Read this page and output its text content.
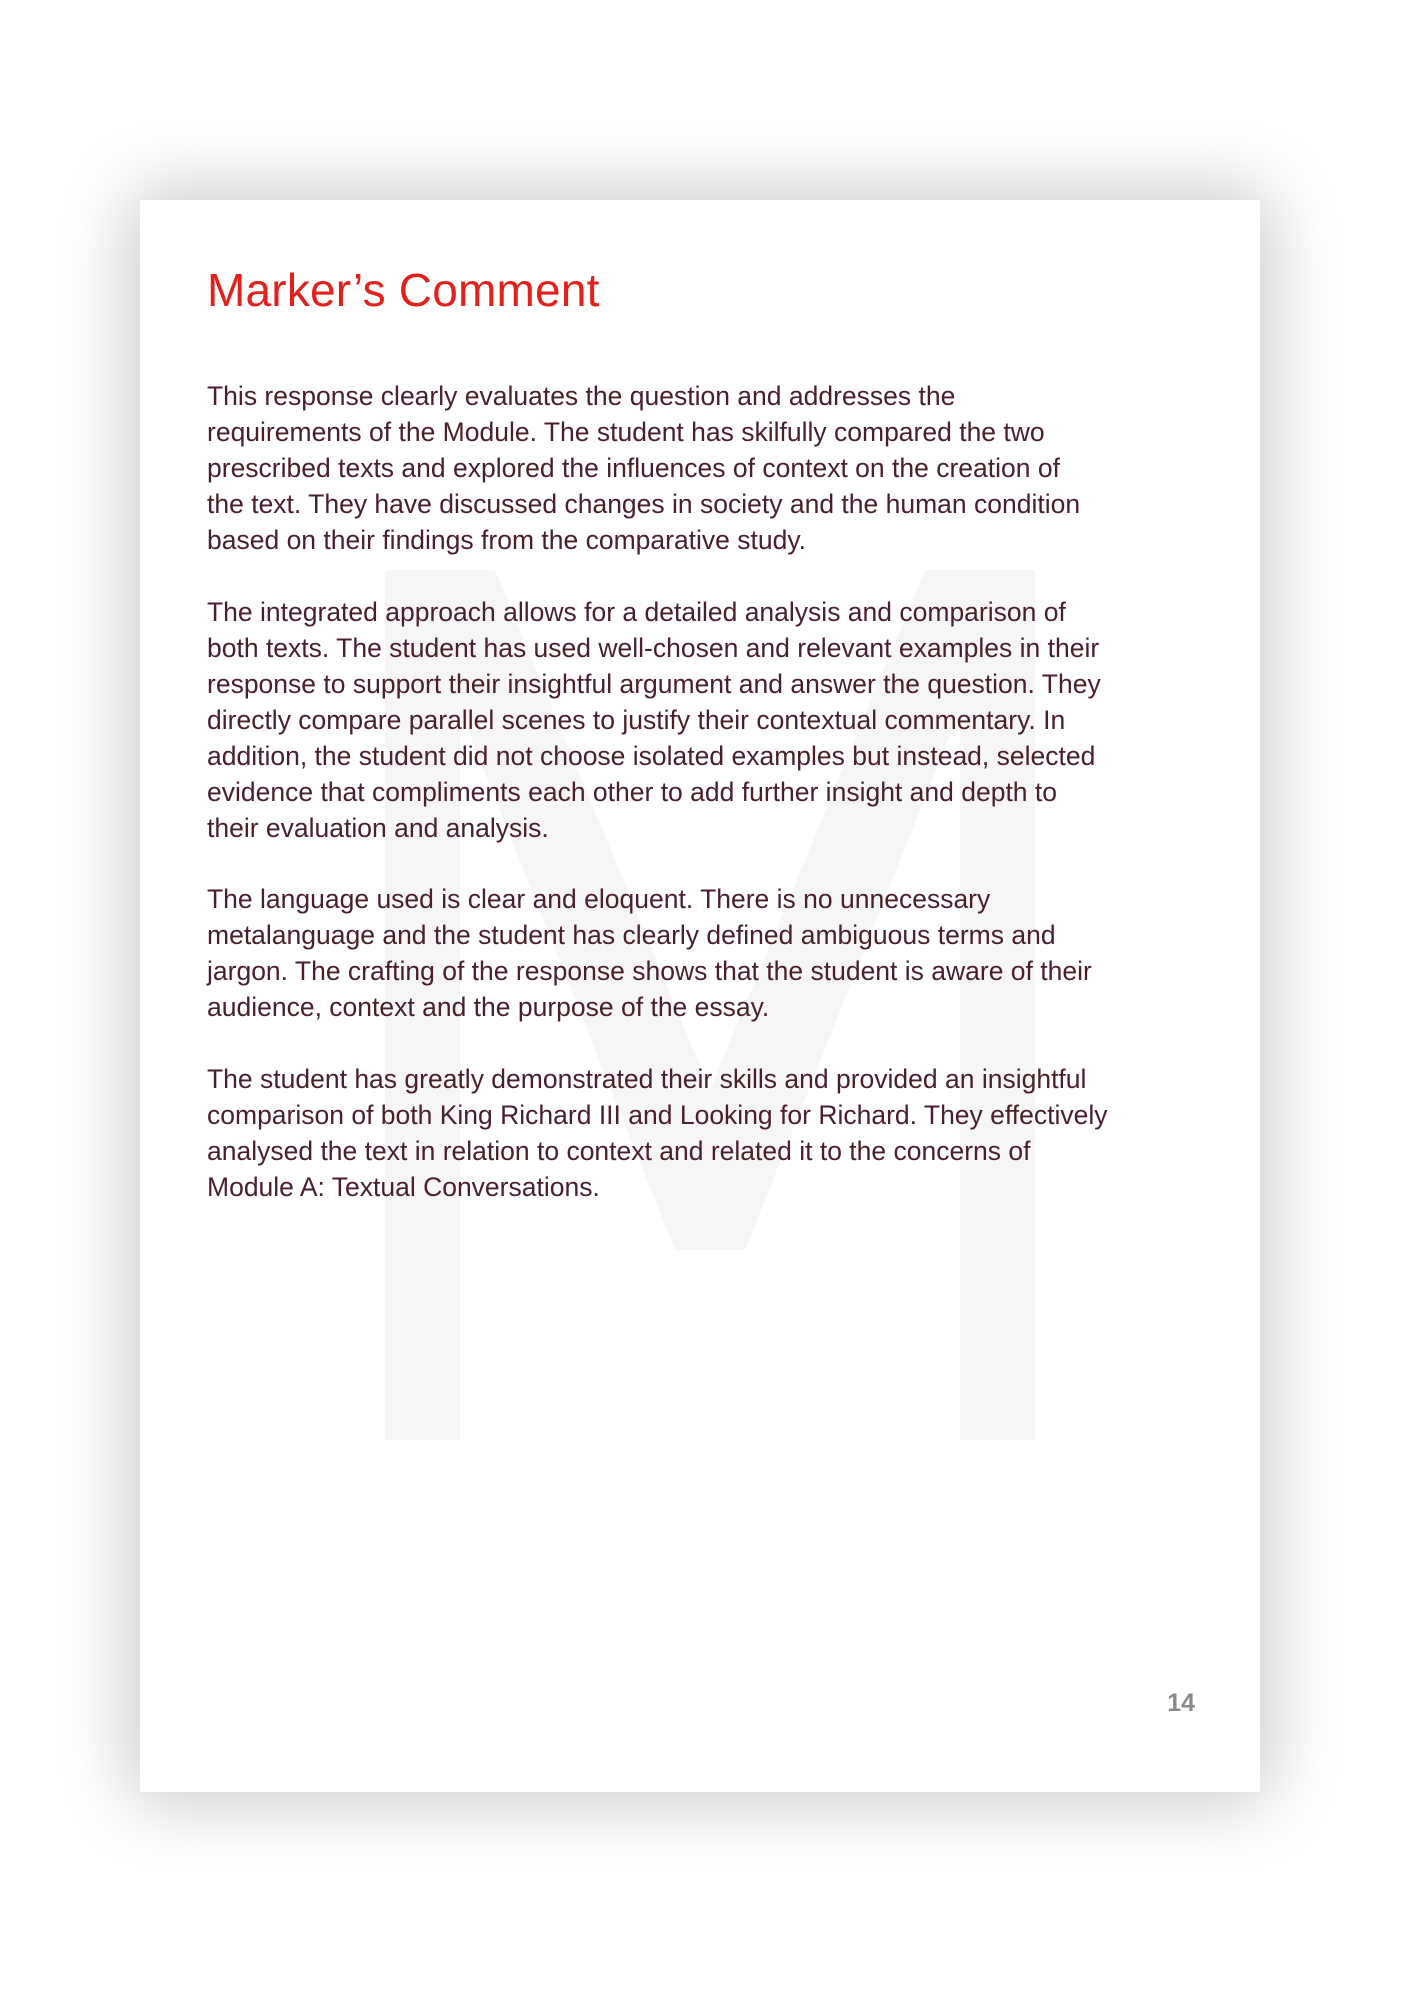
Marker’s Comment

This response clearly evaluates the question and addresses the
requirements of the Module. The student has skilfully compared the two
prescribed texts and explored the influences of context on the creation of
the text. They have discussed changes in society and the human condition
based on their findings from the comparative study.

The integrated approach allows for a detailed analysis and comparison of
both texts. The student has used well-chosen and relevant examples in their
response to support their insightful argument and answer the question. They
directly compare parallel scenes to justify their contextual commentary. In
addition, the student did not choose isolated examples but instead, selected
evidence that compliments each other to add further insight and depth to
their evaluation and analysis.

The language used is clear and eloquent. There is no unnecessary
metalanguage and the student has clearly defined ambiguous terms and
jargon. The crafting of the response shows that the student is aware of their
audience, context and the purpose of the essay.

The student has greatly demonstrated their skills and provided an insightful
comparison of both King Richard III and Looking for Richard. They effectively
analysed the text in relation to context and related it to the concerns of
Module A: Textual Conversations.

14
